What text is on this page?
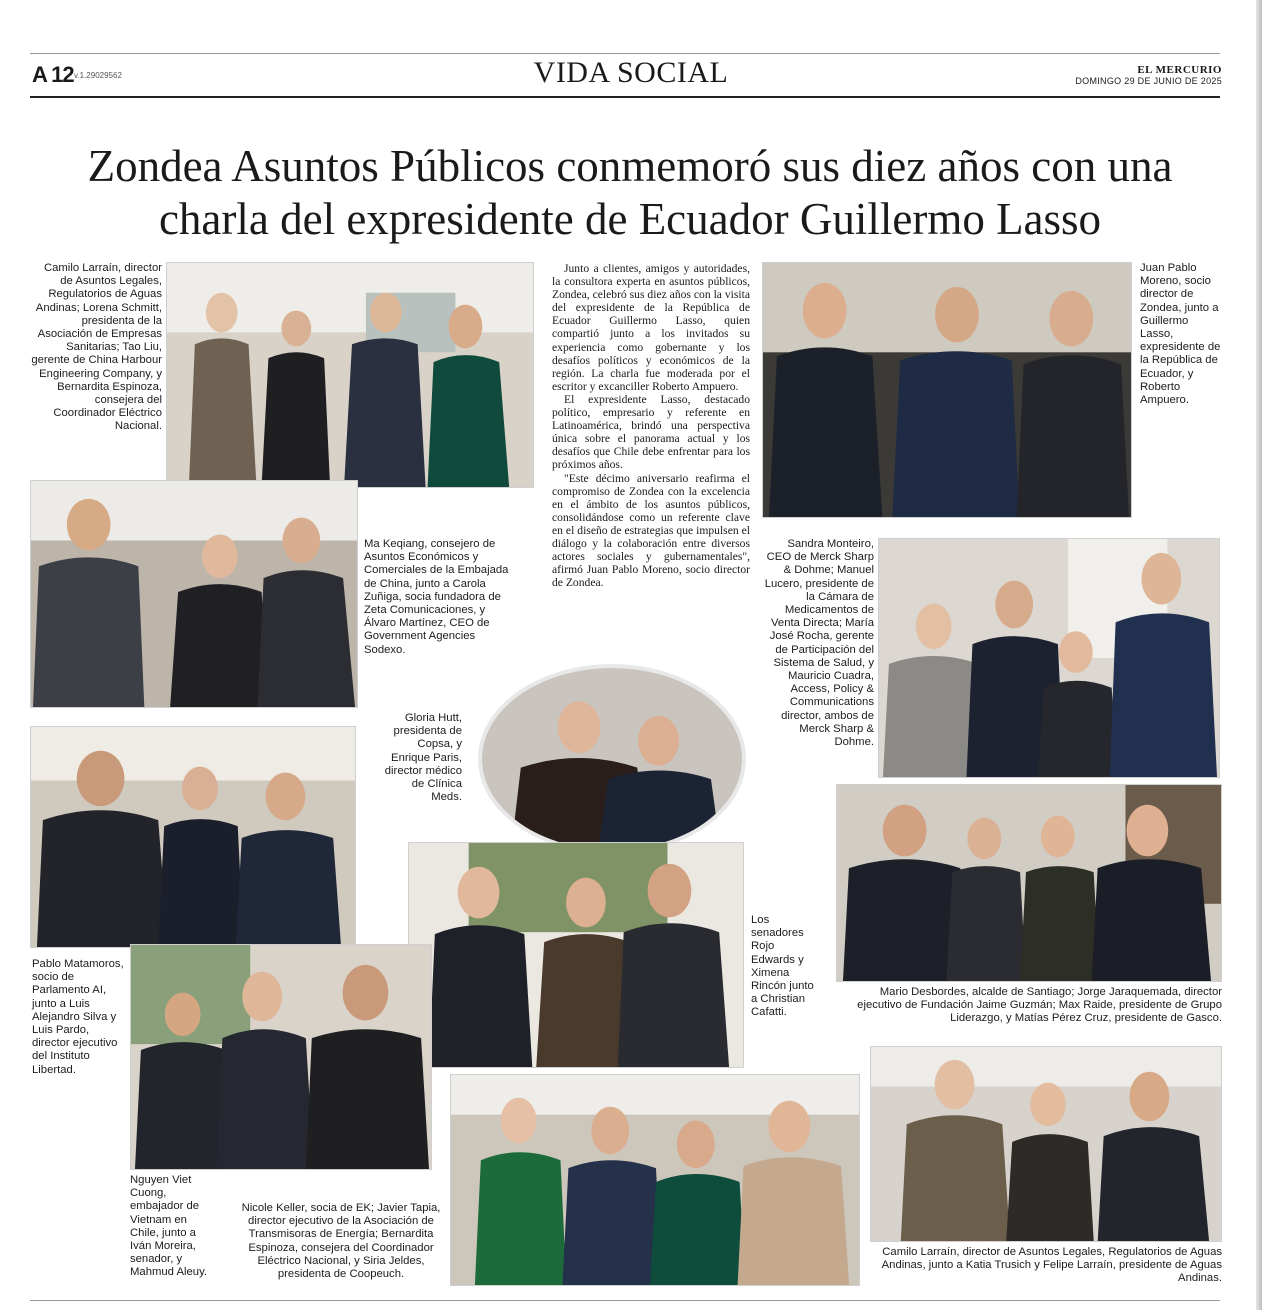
A 12 v.1.29029562	VIDA SOCIAL	EL MERCURIO
DOMINGO 29 DE JUNIO DE 2025
Zondea Asuntos Públicos conmemoró sus diez años con una charla del expresidente de Ecuador Guillermo Lasso
Camilo Larraín, director de Asuntos Legales, Regulatorios de Aguas Andinas; Lorena Schmitt, presidenta de la Asociación de Empresas Sanitarias; Tao Liu, gerente de China Harbour Engineering Company, y Bernardita Espinoza, consejera del Coordinador Eléctrico Nacional.
Juan Pablo Moreno, socio director de Zondea, junto a Guillermo Lasso, expresidente de la República de Ecuador, y Roberto Ampuero.
Ma Keqiang, consejero de Asuntos Económicos y Comerciales de la Embajada de China, junto a Carola Zuñiga, socia fundadora de Zeta Comunicaciones, y Álvaro Martínez, CEO de Government Agencies Sodexo.
Sandra Monteiro, CEO de Merck Sharp & Dohme; Manuel Lucero, presidente de la Cámara de Medicamentos de Venta Directa; María José Rocha, gerente de Participación del Sistema de Salud, y Mauricio Cuadra, Access, Policy & Communications director, ambos de Merck Sharp & Dohme.
Gloria Hutt, presidenta de Copsa, y Enrique Paris, director médico de Clínica Meds.
Pablo Matamoros, socio de Parlamento AI, junto a Luis Alejandro Silva y Luis Pardo, director ejecutivo del Instituto Libertad.
Los senadores Rojo Edwards y Ximena Rincón junto a Christian Cafatti.
Mario Desbordes, alcalde de Santiago; Jorge Jaraquemada, director ejecutivo de Fundación Jaime Guzmán; Max Raide, presidente de Grupo Liderazgo, y Matías Pérez Cruz, presidente de Gasco.
Nguyen Viet Cuong, embajador de Vietnam en Chile, junto a Iván Moreira, senador, y Mahmud Aleuy.
Nicole Keller, socia de EK; Javier Tapia, director ejecutivo de la Asociación de Transmisoras de Energía; Bernardita Espinoza, consejera del Coordinador Eléctrico Nacional, y Siria Jeldes, presidenta de Coopeuch.
Camilo Larraín, director de Asuntos Legales, Regulatorios de Aguas Andinas, junto a Katia Trusich y Felipe Larraín, presidente de Aguas Andinas.

Junto a clientes, amigos y autoridades, la consultora experta en asuntos públicos, Zondea, celebró sus diez años con la visita del expresidente de la República de Ecuador Guillermo Lasso, quien compartió junto a los invitados su experiencia como gobernante y los desafíos políticos y económicos de la región. La charla fue moderada por el escritor y excanciller Roberto Ampuero.

El expresidente Lasso, destacado político, empresario y referente en Latinoamérica, brindó una perspectiva única sobre el panorama actual y los desafíos que Chile debe enfrentar para los próximos años.

"Este décimo aniversario reafirma el compromiso de Zondea con la excelencia en el ámbito de los asuntos públicos, consolidándose como un referente clave en el diseño de estrategias que impulsen el diálogo y la colaboración entre diversos actores sociales y gubernamentales", afirmó Juan Pablo Moreno, socio director de Zondea.
